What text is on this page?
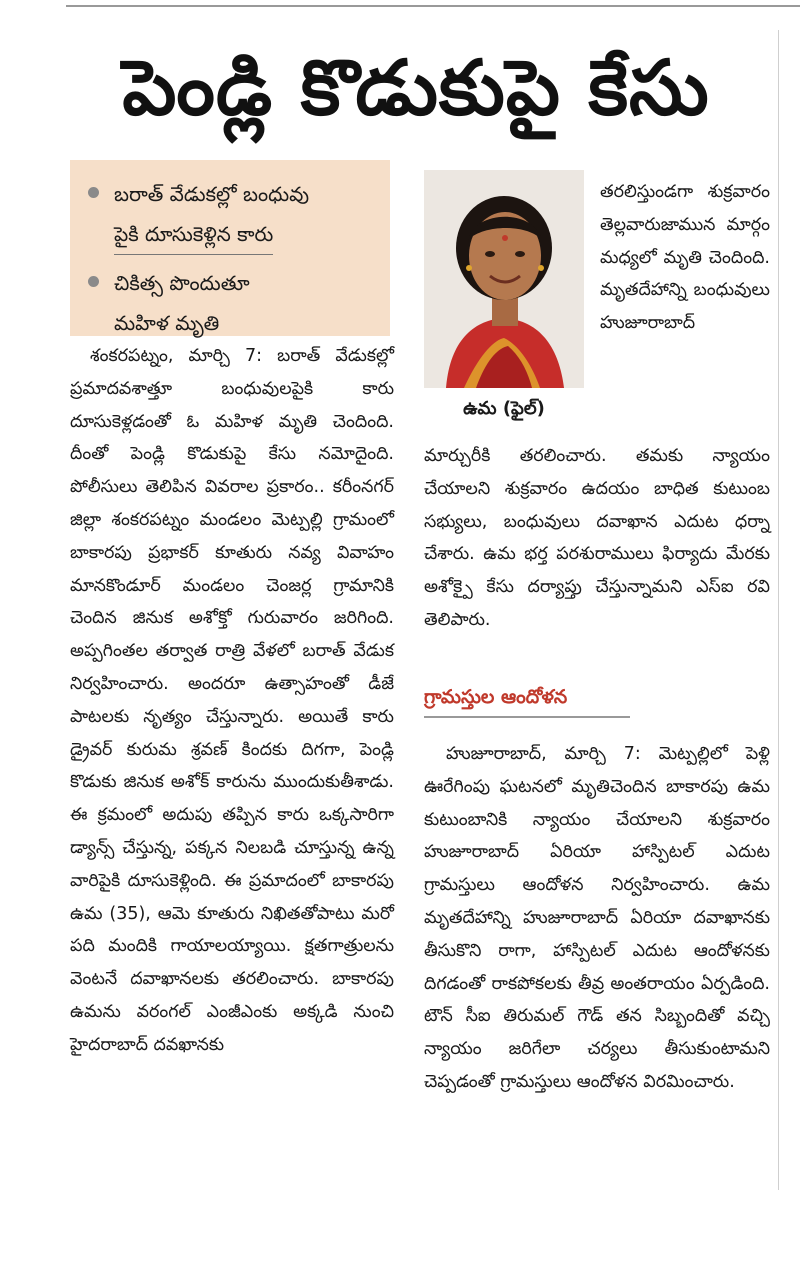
పెండ్లి కొడుకుపై కేసు
బరాత్ వేడుకల్లో బంధువు
పైకి దూసుకెళ్లిన కారు
చికిత్స పొందుతూ
మహిళ మృతి

శంకరపట్నం, మార్చి 7: బరాత్ వేడుకల్లో ప్రమాదవశాత్తూ బంధువులపైకి కారు దూసుకెళ్లడంతో ఓ మహిళ మృతి చెందింది. దీంతో పెండ్లి కొడుకుపై కేసు నమోదైంది. పోలీసులు తెలిపిన వివరాల ప్రకారం.. కరీంనగర్ జిల్లా శంకరపట్నం మండలం మెట్పల్లి గ్రామంలో బాకారపు ప్రభాకర్ కూతురు నవ్య వివాహం మానకొండూర్ మండలం చెంజర్ల గ్రామానికి చెందిన జినుక అశోక్తో గురువారం జరిగింది. అప్పగింతల తర్వాత రాత్రి వేళలో బరాత్ వేడుక నిర్వహించారు. అందరూ ఉత్సాహంతో డీజే పాటలకు నృత్యం చేస్తున్నారు. అయితే కారు డ్రైవర్ కురుమ శ్రవణ్ కిందకు దిగగా, పెండ్లి కొడుకు జినుక అశోక్ కారును ముందుకుతీశాడు. ఈ క్రమంలో అదుపు తప్పిన కారు ఒక్కసారిగా డ్యాన్స్ చేస్తున్న, పక్కన నిలబడి చూస్తున్న ఉన్న వారిపైకి దూసుకెళ్లింది. ఈ ప్రమాదంలో బాకారపు ఉమ (35), ఆమె కూతురు నిఖితతోపాటు మరో పది మందికి గాయాలయ్యాయి. క్షతగాత్రులను వెంటనే దవాఖానలకు తరలించారు. బాకారపు ఉమను వరంగల్ ఎంజీఎంకు అక్కడి నుంచి హైదరాబాద్ దవఖానకు

ఉమ (ఫైల్)

తరలిస్తుండగా శుక్రవారం తెల్లవారుజామున మార్గం మధ్యలో మృతి చెందింది. మృతదేహాన్ని బంధువులు హుజూరాబాద్

మార్చురీకి తరలించారు. తమకు న్యాయం చేయాలని శుక్రవారం ఉదయం బాధిత కుటుంబ సభ్యులు, బంధువులు దవాఖాన ఎదుట ధర్నా చేశారు. ఉమ భర్త పరశురాములు ఫిర్యాదు మేరకు అశోక్పై కేసు దర్యాప్తు చేస్తున్నామని ఎస్ఐ రవి తెలిపారు.

గ్రామస్తుల ఆందోళన

హుజూరాబాద్, మార్చి 7: మెట్పల్లిలో పెళ్లి ఊరేగింపు ఘటనలో మృతిచెందిన బాకారపు ఉమ కుటుంబానికి న్యాయం చేయాలని శుక్రవారం హుజూరాబాద్ ఏరియా హాస్పిటల్ ఎదుట గ్రామస్తులు ఆందోళన నిర్వహించారు. ఉమ మృతదేహాన్ని హుజూరాబాద్ ఏరియా దవాఖానకు తీసుకొని రాగా, హాస్పిటల్ ఎదుట ఆందోళనకు దిగడంతో రాకపోకలకు తీవ్ర అంతరాయం ఏర్పడింది. టౌన్ సీఐ తిరుమల్ గౌడ్ తన సిబ్బందితో వచ్చి న్యాయం జరిగేలా చర్యలు తీసుకుంటామని చెప్పడంతో గ్రామస్తులు ఆందోళన విరమించారు.
